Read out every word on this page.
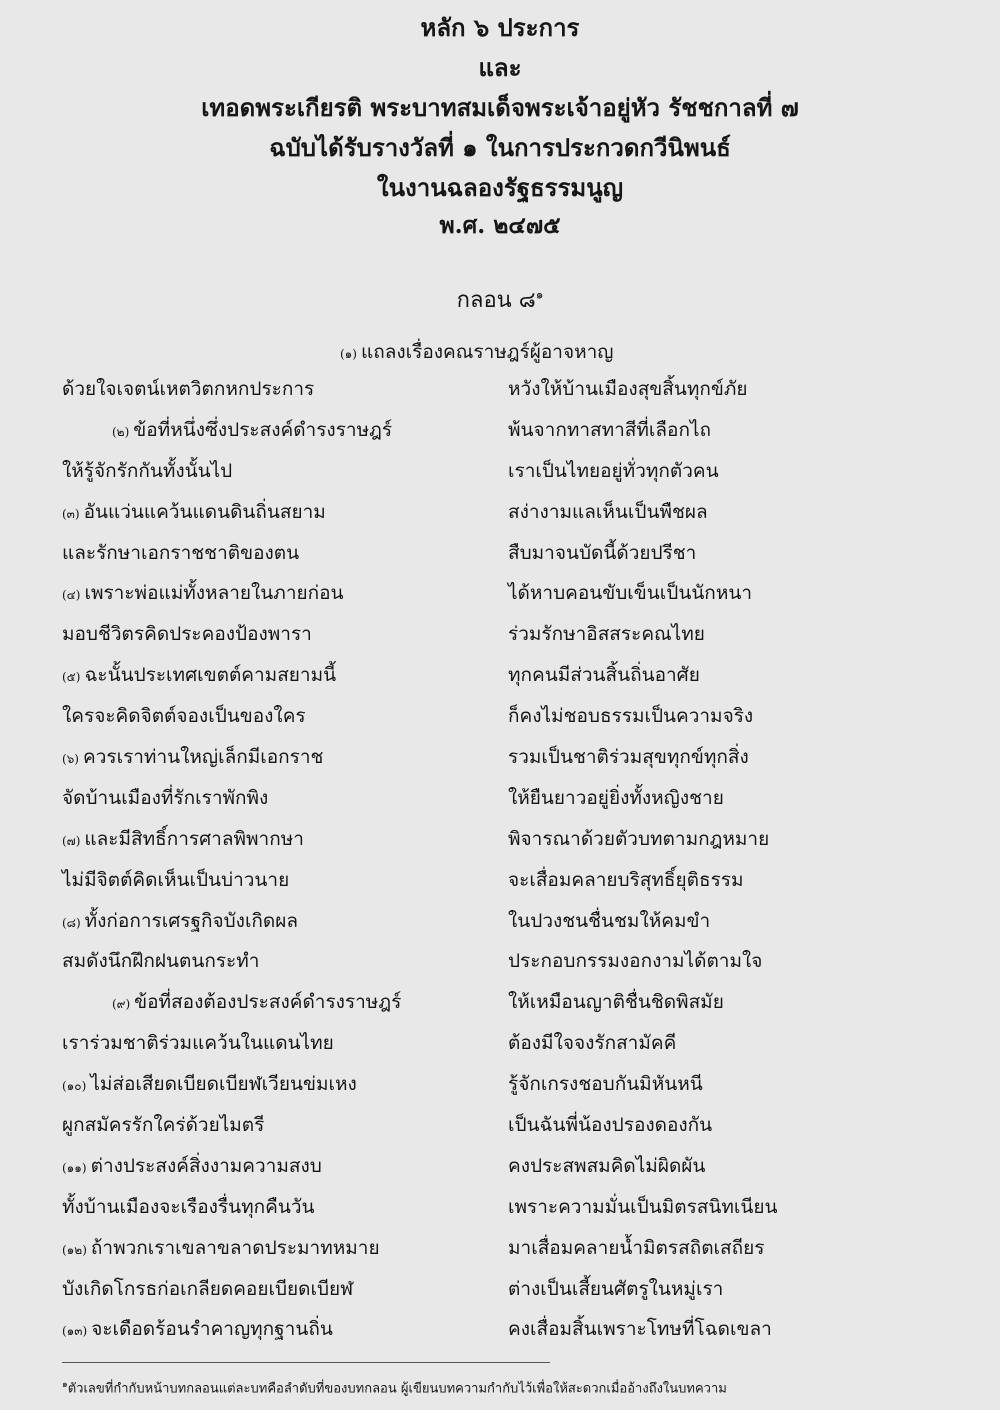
หลัก ๖ ประการ
และ
เทอดพระเกียรติ พระบาทสมเด็จพระเจ้าอยู่หัว รัชชกาลที่ ๗
ฉบับได้รับรางวัลที่ ๑ ในการประกวดกวีนิพนธ์
ในงานฉลองรัฐธรรมนูญ
พ.ศ. ๒๔๗๕
กลอน ๘$^๑$
(๑) แถลงเรื่องคณราษฎร์ผู้อาจหาญ
ด้วยใจเจตน์เหตวิตกหกประการ	หวังให้บ้านเมืองสุขสิ้นทุกข์ภัย
(๒) ข้อที่หนึ่งซึ่งประสงค์ดำรงราษฎร์	พ้นจากทาสทาสีที่เลือกไถ
ให้รู้จักรักกันทั้งนั้นไป	เราเป็นไทยอยู่ทั่วทุกตัวคน
(๓) อันแว่นแคว้นแดนดินถิ่นสยาม	สง่างามแลเห็นเป็นพืชผล
และรักษาเอกราชชาติของตน	สืบมาจนบัดนี้ด้วยปรีชา
(๔) เพราะพ่อแม่ทั้งหลายในภายก่อน	ได้หาบคอนขับเข็นเป็นนักหนา
มอบชีวิตรคิดประคองป้องพารา	ร่วมรักษาอิสสระคณไทย
(๕) ฉะนั้นประเทศเขตต์คามสยามนี้	ทุกคนมีส่วนสิ้นถิ่นอาศัย
ใครจะคิดจิตต์จองเป็นของใคร	ก็คงไม่ชอบธรรมเป็นความจริง
(๖) ควรเราท่านใหญ่เล็กมีเอกราช	รวมเป็นชาติร่วมสุขทุกข์ทุกสิ่ง
จัดบ้านเมืองที่รักเราพักพิง	ให้ยืนยาวอยู่ยิ่งทั้งหญิงชาย
(๗) และมีสิทธิ์การศาลพิพากษา	พิจารณาด้วยตัวบทตามกฎหมาย
ไม่มีจิตต์คิดเห็นเป็นบ่าวนาย	จะเสื่อมคลายบริสุทธิ์ยุติธรรม
(๘) ทั้งก่อการเศรฐกิจบังเกิดผล	ในปวงชนชื่นชมให้คมขำ
สมดังนึกฝึกฝนตนกระทำ	ประกอบกรรมงอกงามได้ตามใจ
(๙) ข้อที่สองต้องประสงค์ดำรงราษฎร์	ให้เหมือนญาติชื่นชิดพิสมัย
เราร่วมชาติร่วมแคว้นในแดนไทย	ต้องมีใจจงรักสามัคคี
(๑๐) ไม่ส่อเสียดเบียดเบียฬเวียนข่มเหง	รู้จักเกรงชอบกันมิหันหนี
ผูกสมัครรักใคร่ด้วยไมตรี	เป็นฉันพี่น้องปรองดองกัน
(๑๑) ต่างประสงค์สิ่งงามความสงบ	คงประสพสมคิดไม่ผิดผัน
ทั้งบ้านเมืองจะเรืองรื่นทุกคืนวัน	เพราะความมั่นเป็นมิตรสนิทเนียน
(๑๒) ถ้าพวกเราเขลาขลาดประมาทหมาย	มาเสื่อมคลายน้ำมิตรสถิตเสถียร
บังเกิดโกรธก่อเกลียดคอยเบียดเบียฬ	ต่างเป็นเสี้ยนศัตรูในหมู่เรา
(๑๓) จะเดือดร้อนรำคาญทุกฐานถิ่น	คงเสื่อมสิ้นเพราะโทษที่โฉดเขลา
$^๑$ตัวเลขที่กำกับหน้าบทกลอนแต่ละบทคือลำดับที่ของบทกลอน ผู้เขียนบทความกำกับไว้เพื่อให้สะดวกเมื่ออ้างถึงในบทความ
